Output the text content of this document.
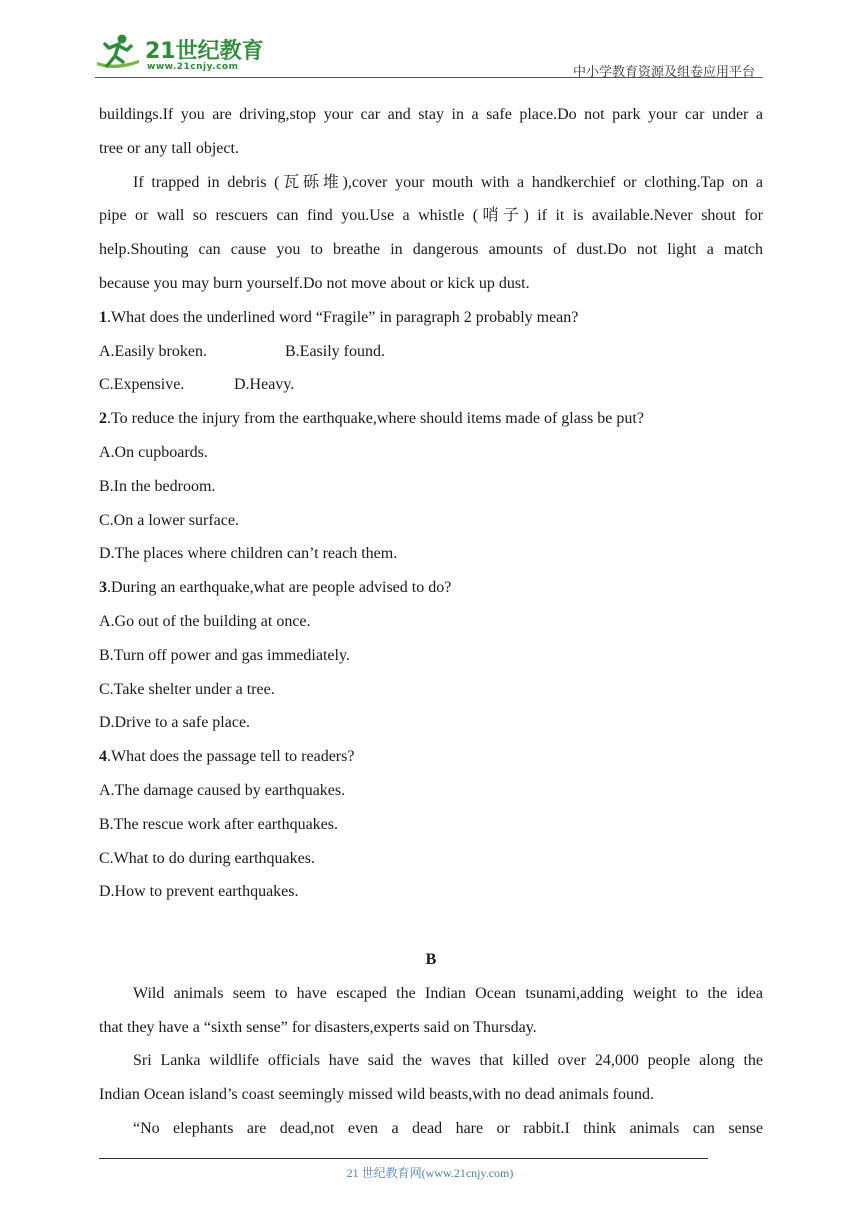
21世纪教育
www.21cnjy.com	中小学教育资源及组卷应用平台
buildings.If you are driving,stop your car and stay in a safe place.Do not park your car under a
tree or any tall object.
If trapped in debris (瓦砾堆),cover your mouth with a handkerchief or clothing.Tap on a
pipe or wall so rescuers can find you.Use a whistle (哨子) if it is available.Never shout for
help.Shouting can cause you to breathe in dangerous amounts of dust.Do not light a match
because you may burn yourself.Do not move about or kick up dust.
1.What does the underlined word “Fragile” in paragraph 2 probably mean?
A.Easily broken.	B.Easily found.
C.Expensive.	D.Heavy.
2.To reduce the injury from the earthquake,where should items made of glass be put?
A.On cupboards.
B.In the bedroom.
C.On a lower surface.
D.The places where children can’t reach them.
3.During an earthquake,what are people advised to do?
A.Go out of the building at once.
B.Turn off power and gas immediately.
C.Take shelter under a tree.
D.Drive to a safe place.
4.What does the passage tell to readers?
A.The damage caused by earthquakes.
B.The rescue work after earthquakes.
C.What to do during earthquakes.
D.How to prevent earthquakes.
B
Wild animals seem to have escaped the Indian Ocean tsunami,adding weight to the idea
that they have a “sixth sense” for disasters,experts said on Thursday.
Sri Lanka wildlife officials have said the waves that killed over 24,000 people along the
Indian Ocean island’s coast seemingly missed wild beasts,with no dead animals found.
“No elephants are dead,not even a dead hare or rabbit.I think animals can sense
21 世纪教育网(www.21cnjy.com)
